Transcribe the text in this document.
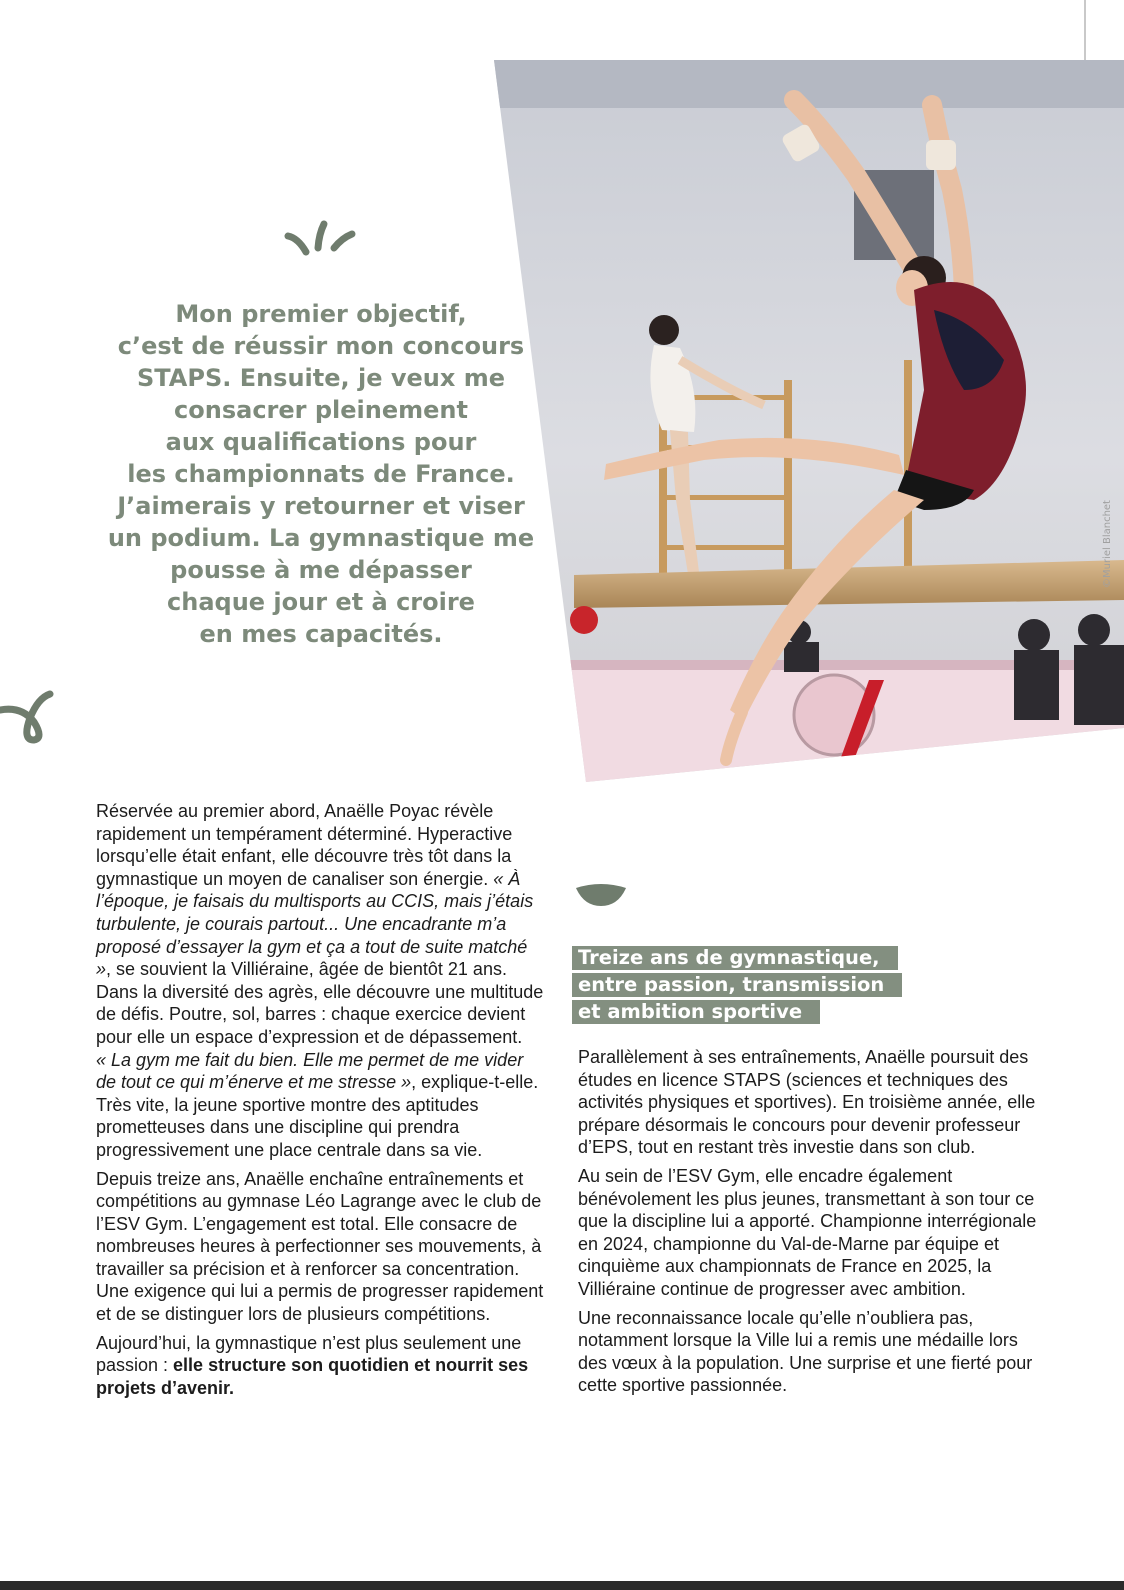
©Muriel Blanchet
Mon premier objectif,
c’est de réussir mon concours
STAPS. Ensuite, je veux me
consacrer pleinement
aux qualifications pour
les championnats de France.
J’aimerais y retourner et viser
un podium. La gymnastique me
pousse à me dépasser
chaque jour et à croire
en mes capacités.

Réservée au premier abord, Anaëlle Poyac révèle rapidement un tempérament déterminé. Hyperactive lorsqu’elle était enfant, elle découvre très tôt dans la gymnastique un moyen de canaliser son énergie. « À l’époque, je faisais du multisports au CCIS, mais j’étais turbulente, je courais partout... Une encadrante m’a proposé d’essayer la gym et ça a tout de suite matché », se souvient la Villiéraine, âgée de bientôt 21 ans. Dans la diversité des agrès, elle découvre une multitude de défis. Poutre, sol, barres : chaque exercice devient pour elle un espace d’expression et de dépassement.
« La gym me fait du bien. Elle me permet de me vider de tout ce qui m’énerve et me stresse », explique-t-elle. Très vite, la jeune sportive montre des aptitudes prometteuses dans une discipline qui prendra progressivement une place centrale dans sa vie.

Depuis treize ans, Anaëlle enchaîne entraînements et compétitions au gymnase Léo Lagrange avec le club de l’ESV Gym. L’engagement est total. Elle consacre de nombreuses heures à perfectionner ses mouvements, à travailler sa précision et à renforcer sa concentration. Une exigence qui lui a permis de progresser rapidement et de se distinguer lors de plusieurs compétitions.

Aujourd’hui, la gymnastique n’est plus seulement une passion : elle structure son quotidien et nourrit ses projets d’avenir.

Treize ans de gymnastique,
entre passion, transmission
et ambition sportive

Parallèlement à ses entraînements, Anaëlle poursuit des études en licence STAPS (sciences et techniques des activités physiques et sportives). En troisième année, elle prépare désormais le concours pour devenir professeur d’EPS, tout en restant très investie dans son club.

Au sein de l’ESV Gym, elle encadre également bénévolement les plus jeunes, transmettant à son tour ce que la discipline lui a apporté. Championne interrégionale en 2024, championne du Val-de-Marne par équipe et cinquième aux championnats de France en 2025, la Villiéraine continue de progresser avec ambition.

Une reconnaissance locale qu’elle n’oubliera pas, notamment lorsque la Ville lui a remis une médaille lors des vœux à la population. Une surprise et une fierté pour cette sportive passionnée.
